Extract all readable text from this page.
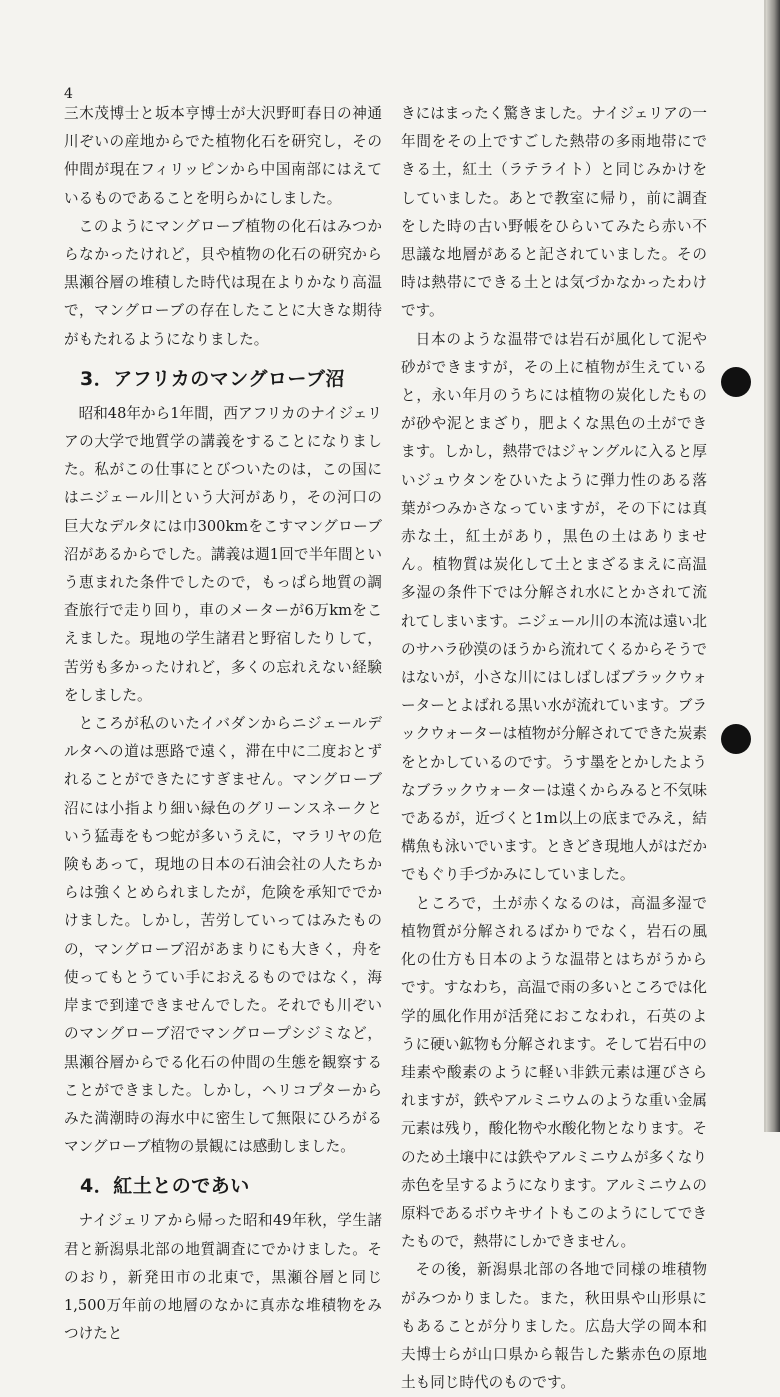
4

三木茂博士と坂本亨博士が大沢野町春日の神通川ぞいの産地からでた植物化石を研究し，その仲間が現在フィリッピンから中国南部にはえているものであることを明らかにしました。

このようにマングローブ植物の化石はみつからなかったけれど，貝や植物の化石の研究から黒瀬谷層の堆積した時代は現在よりかなり高温で，マングローブの存在したことに大きな期待がもたれるようになりました。

3．アフリカのマングローブ沼

昭和48年から1年間，西アフリカのナイジェリアの大学で地質学の講義をすることになりました。私がこの仕事にとびついたのは，この国にはニジェール川という大河があり，その河口の巨大なデルタには巾300kmをこすマングローブ沼があるからでした。講義は週1回で半年間という恵まれた条件でしたので，もっぱら地質の調査旅行で走り回り，車のメーターが6万kmをこえました。現地の学生諸君と野宿したりして，苦労も多かったけれど，多くの忘れえない経験をしました。

ところが私のいたイバダンからニジェールデルタへの道は悪路で遠く，滞在中に二度おとずれることができたにすぎません。マングローブ沼には小指より細い緑色のグリーンスネークという猛毒をもつ蛇が多いうえに，マラリヤの危険もあって，現地の日本の石油会社の人たちからは強くとめられましたが，危険を承知ででかけました。しかし，苦労していってはみたものの，マングローブ沼があまりにも大きく，舟を使ってもとうてい手におえるものではなく，海岸まで到達できませんでした。それでも川ぞいのマングローブ沼でマングロープシジミなど，黒瀬谷層からでる化石の仲間の生態を観察することができました。しかし，ヘリコプターからみた満潮時の海水中に密生して無限にひろがるマングローブ植物の景観には感動しました。

4．紅土とのであい

ナイジェリアから帰った昭和49年秋，学生諸君と新潟県北部の地質調査にでかけました。そのおり，新発田市の北東で，黒瀬谷層と同じ1,500万年前の地層のなかに真赤な堆積物をみつけたと

きにはまったく驚きました。ナイジェリアの一年間をその上ですごした熱帯の多雨地帯にできる土，紅土（ラテライト）と同じみかけをしていました。あとで教室に帰り，前に調査をした時の古い野帳をひらいてみたら赤い不思議な地層があると記されていました。その時は熱帯にできる土とは気づかなかったわけです。

日本のような温帯では岩石が風化して泥や砂ができますが，その上に植物が生えていると，永い年月のうちには植物の炭化したものが砂や泥とまざり，肥よくな黒色の土ができます。しかし，熱帯ではジャングルに入ると厚いジュウタンをひいたように弾力性のある落葉がつみかさなっていますが，その下には真赤な土，紅土があり，黒色の土はありません。植物質は炭化して土とまざるまえに高温多湿の条件下では分解され水にとかされて流れてしまいます。ニジェール川の本流は遠い北のサハラ砂漠のほうから流れてくるからそうではないが，小さな川にはしばしばブラックウォーターとよばれる黒い水が流れています。ブラックウォーターは植物が分解されてできた炭素をとかしているのです。うす墨をとかしたようなブラックウォーターは遠くからみると不気味であるが，近づくと1m以上の底までみえ，結構魚も泳いでいます。ときどき現地人がはだかでもぐり手づかみにしていました。

ところで，土が赤くなるのは，高温多湿で植物質が分解されるばかりでなく，岩石の風化の仕方も日本のような温帯とはちがうからです。すなわち，高温で雨の多いところでは化学的風化作用が活発におこなわれ，石英のように硬い鉱物も分解されます。そして岩石中の珪素や酸素のように軽い非鉄元素は運びさられますが，鉄やアルミニウムのような重い金属元素は残り，酸化物や水酸化物となります。そのため土壌中には鉄やアルミニウムが多くなり赤色を呈するようになります。アルミニウムの原料であるボウキサイトもこのようにしてできたもので，熱帯にしかできません。

その後，新潟県北部の各地で同様の堆積物がみつかりました。また，秋田県や山形県にもあることが分りました。広島大学の岡本和夫博士らが山口県から報告した紫赤色の原地土も同じ時代のものです。
